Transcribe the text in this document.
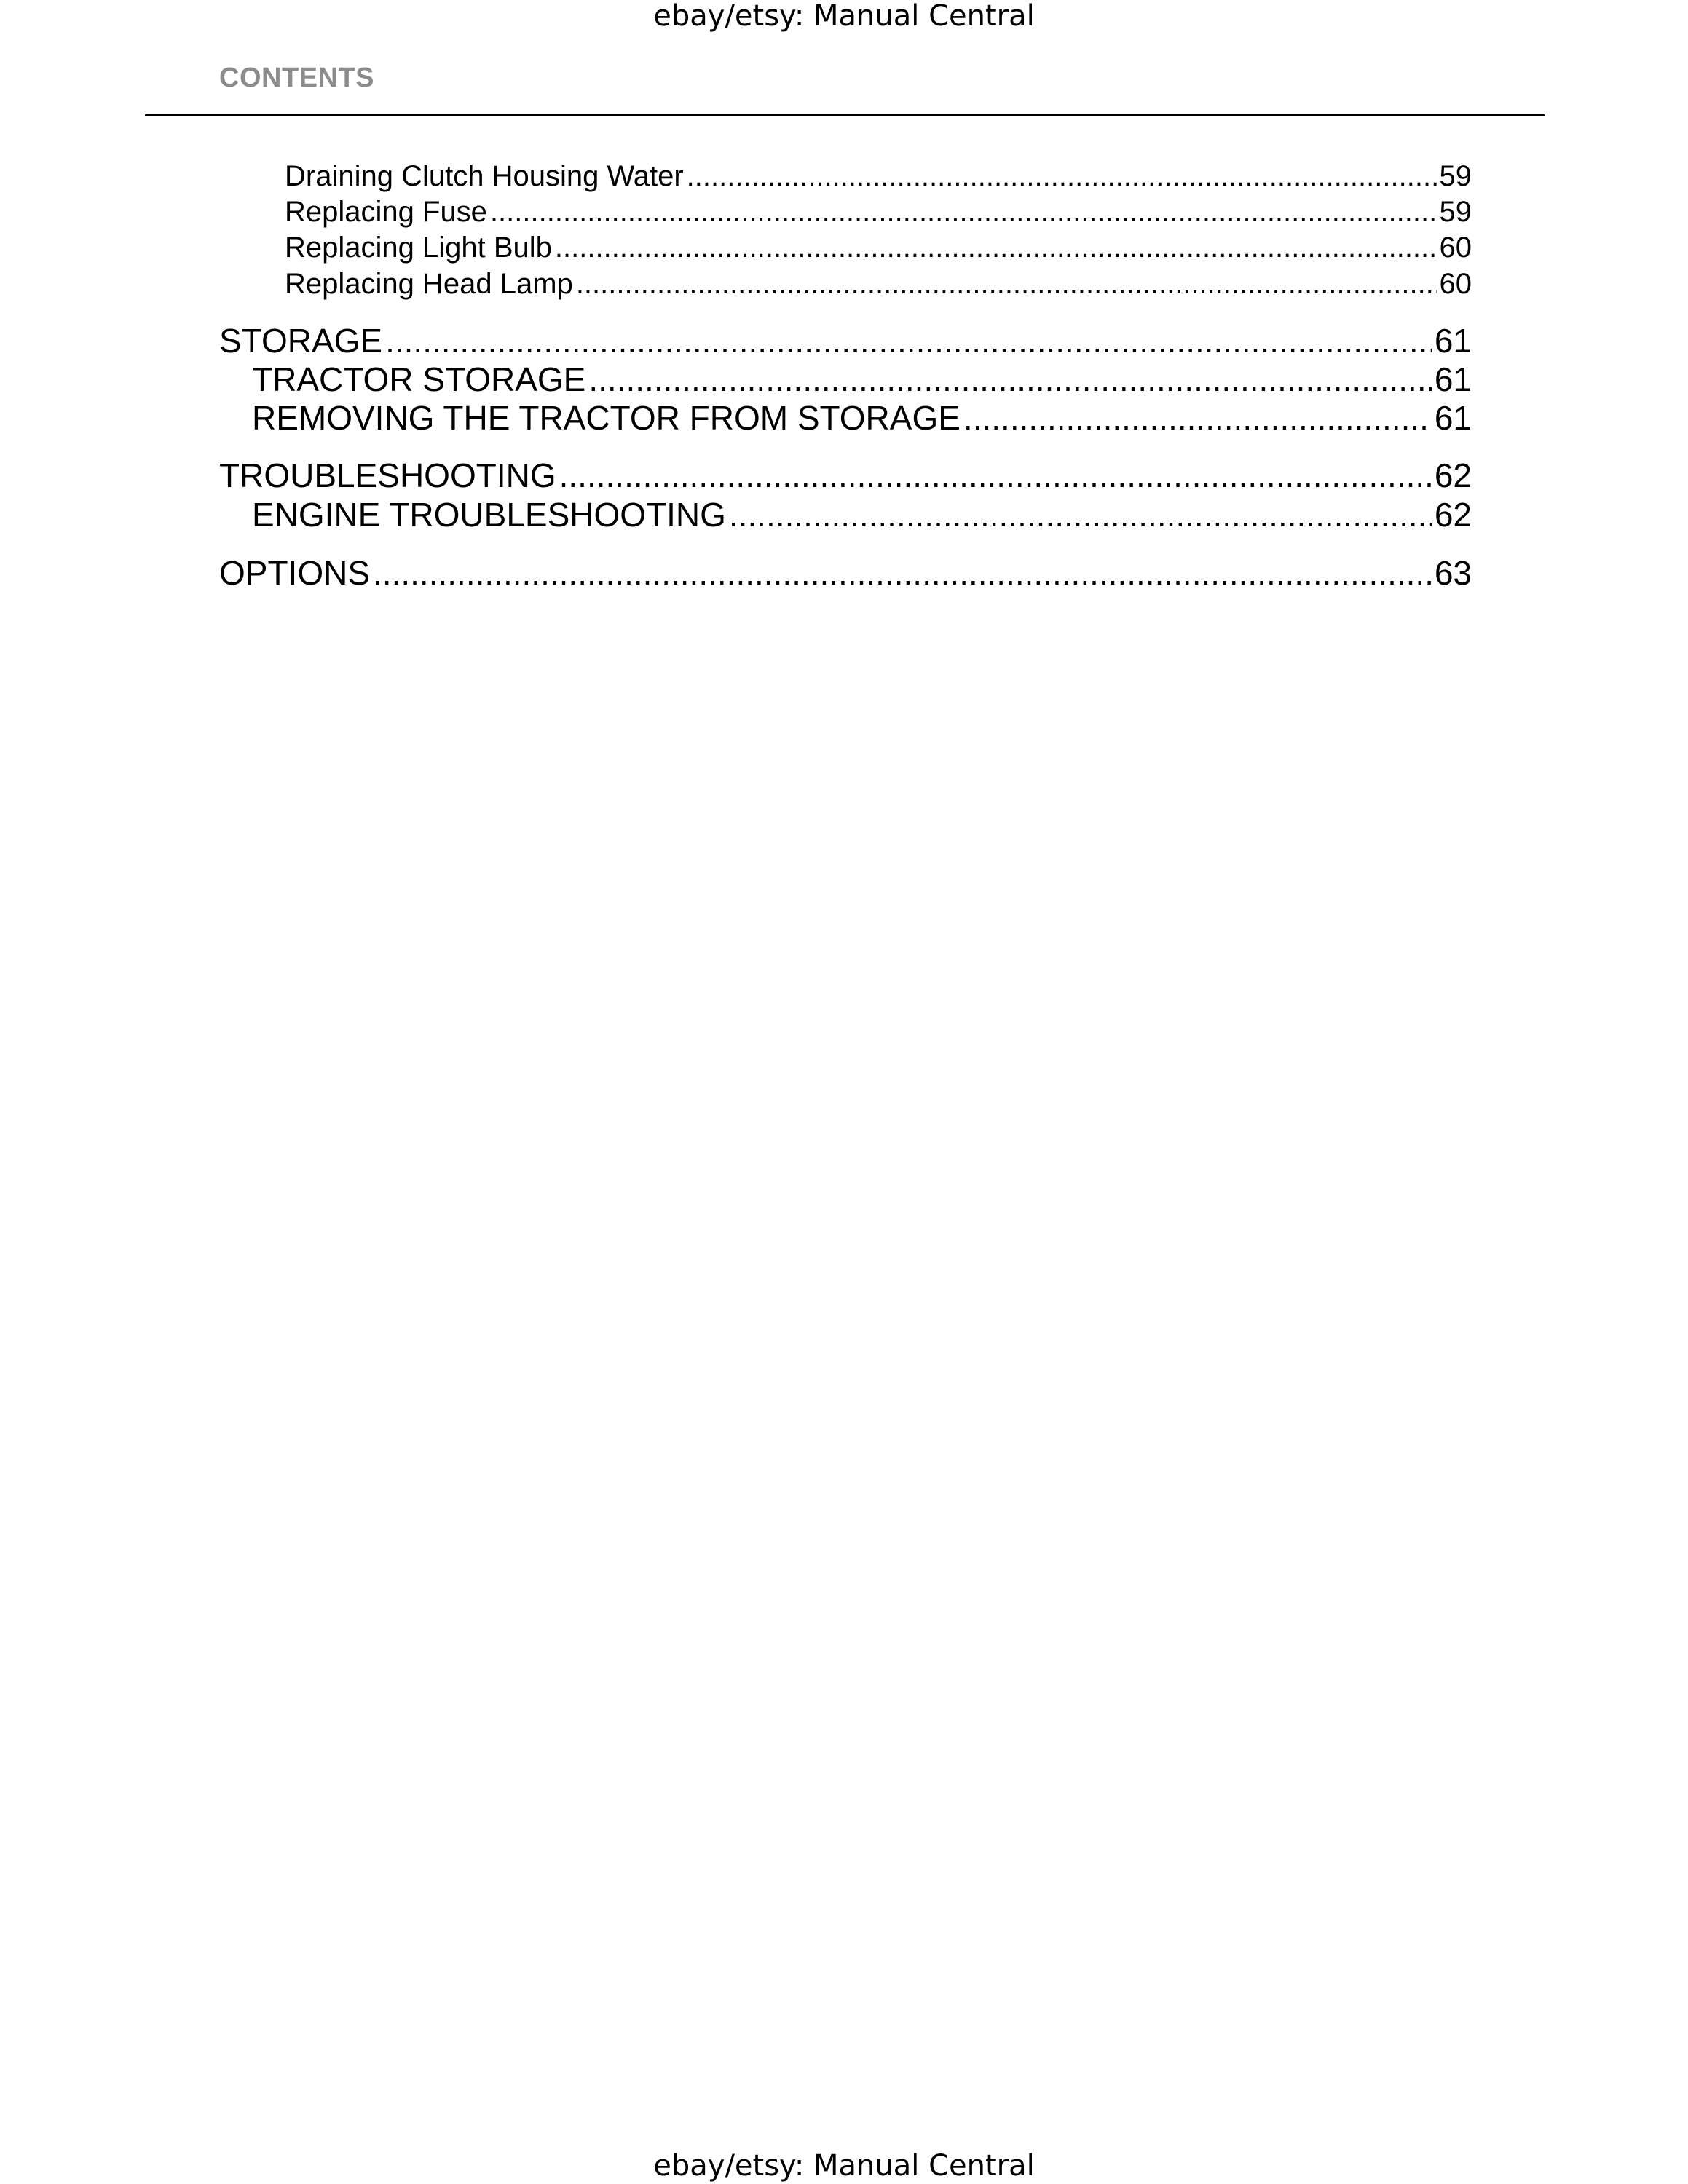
ebay/etsy: Manual Central
CONTENTS
Draining Clutch Housing Water .....	59
Replacing Fuse .....	59
Replacing Light Bulb .....	60
Replacing Head Lamp .....	60
STORAGE .....	61
TRACTOR STORAGE .....	61
REMOVING THE TRACTOR FROM STORAGE .....	61
TROUBLESHOOTING .....	62
ENGINE TROUBLESHOOTING .....	62
OPTIONS .....	63
ebay/etsy: Manual Central
